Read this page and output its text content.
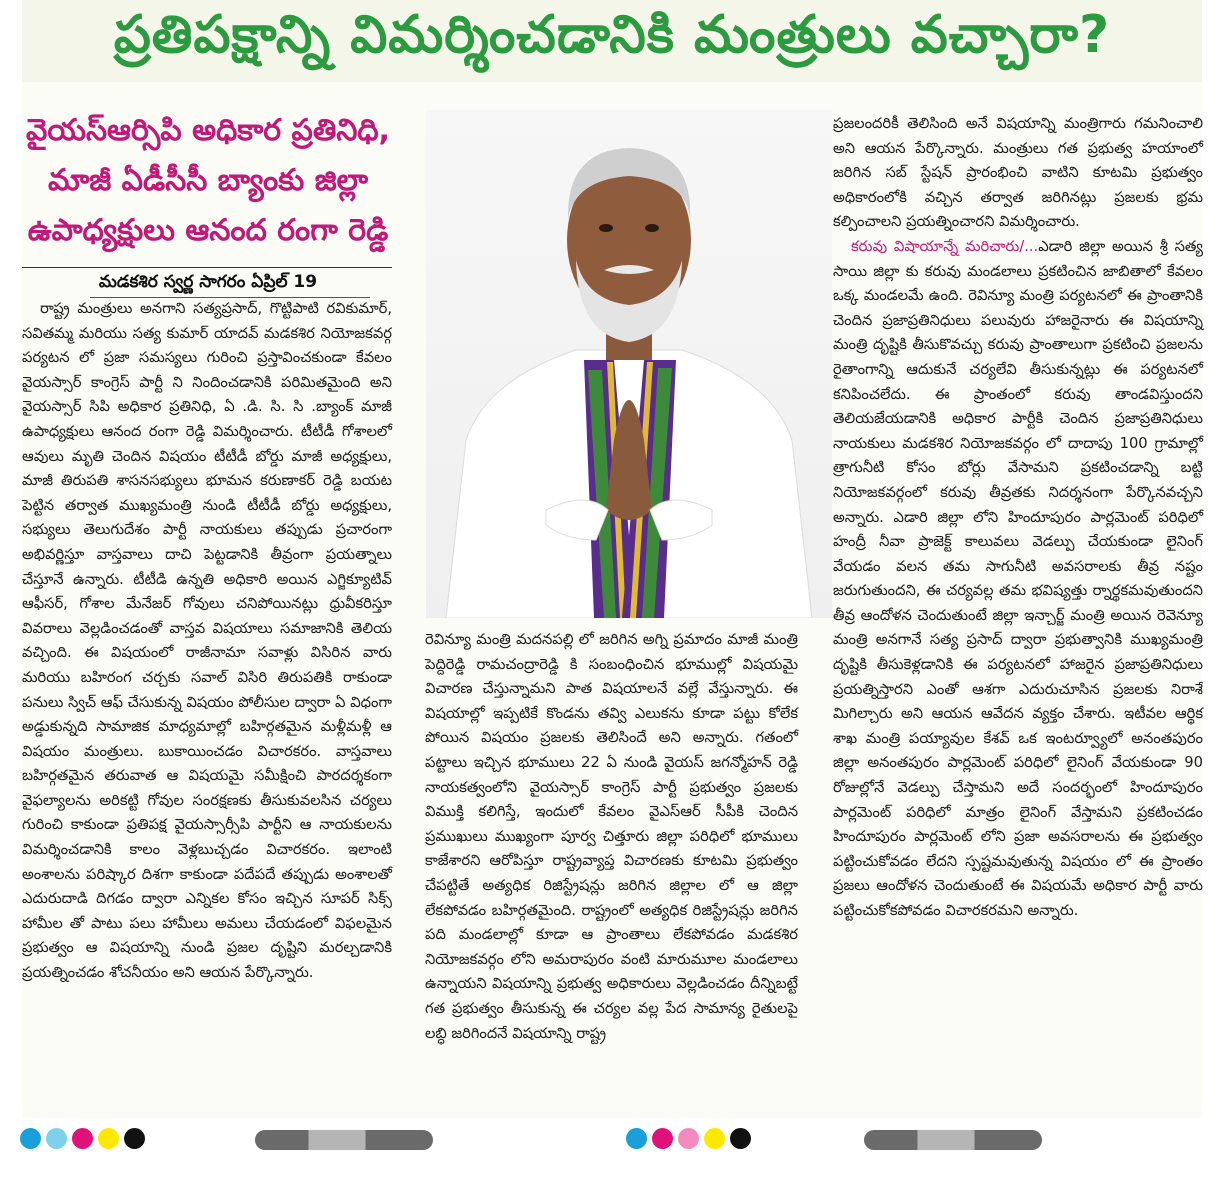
ప్రతిపక్షాన్ని విమర్శించడానికి మంత్రులు వచ్చారా?
వైయస్ఆర్సిపి అధికార ప్రతినిధి,
మాజీ ఏడీసీసీ బ్యాంకు జిల్లా
ఉపాధ్యక్షులు ఆనంద రంగా రెడ్డి
మడకశిర స్వర్ణ సాగరం ఏప్రిల్ 19

రాష్ట్ర మంత్రులు అనగాని సత్యప్రసాద్, గొట్టిపాటి రవికుమార్, సవితమ్మ మరియు సత్య కుమార్ యాదవ్ మడకశిర నియోజకవర్గ పర్యటన లో ప్రజా సమస్యలు గురించి ప్రస్తావించకుండా కేవలం వైయస్సార్ కాంగ్రెస్ పార్టీ ని నిందించడానికి పరిమితమైంది అని వైయస్సార్ సిపి అధికార ప్రతినిధి, ఏ .డి. సి. సి .బ్యాంక్ మాజీ ఉపాధ్యక్షులు ఆనంద రంగా రెడ్డి విమర్శించారు. టీటీడీ గోశాలలో ఆవులు మృతి చెందిన విషయం టీటీడీ బోర్డు మాజీ అధ్యక్షులు, మాజీ తిరుపతి శాసనసభ్యులు భూమన కరుణాకర్ రెడ్డి బయట పెట్టిన తర్వాత ముఖ్యమంత్రి నుండి టీటీడీ బోర్డు అధ్యక్షులు, సభ్యులు తెలుగుదేశం పార్టీ నాయకులు తప్పుడు ప్రచారంగా అభివర్ణిస్తూ వాస్తవాలు దాచి పెట్టడానికి తీవ్రంగా ప్రయత్నాలు చేస్తూనే ఉన్నారు. టీటీడి ఉన్నతి అధికారి అయిన ఎగ్జిక్యూటివ్ ఆఫీసర్, గోశాల మేనేజర్ గోవులు చనిపోయినట్లు ధ్రువీకరిస్తూ వివరాలు వెల్లడించడంతో వాస్తవ విషయాలు సమాజానికి తెలియ వచ్చింది. ఈ విషయంలో రాజీనామా సవాళ్లు విసిరిన వారు మరియు బహిరంగ చర్చకు సవాల్ విసిరి తిరుపతికి రాకుండా పనులు స్విచ్ ఆఫ్ చేసుకున్న విషయం పోలీసుల ద్వారా ఏ విధంగా అడ్డుకున్నది సామాజిక మాధ్యమాల్లో బహిర్గతమైన మళ్లీమళ్లీ ఆ విషయం మంత్రులు. బుకాయించడం విచారకరం. వాస్తవాలు బహిర్గతమైన తరువాత ఆ విషయమై సమీక్షించి పారదర్శకంగా వైఫల్యాలను అరికట్టి గోవుల సంరక్షణకు తీసుకువలసిన చర్యలు గురించి కాకుండా ప్రతిపక్ష వైయస్సార్సీపి పార్టీని ఆ నాయకులను విమర్శించడానికి కాలం వెళ్లబుచ్చడం విచారకరం. ఇలాంటి అంశాలను పరిష్కార దిశగా కాకుండా పదేపదే తప్పుడు అంశాలతో ఎదురుదాడి దిగడం ద్వారా ఎన్నికల కోసం ఇచ్చిన సూపర్ సిక్స్ హామీల తో పాటు పలు హామీలు అమలు చేయడంలో విఫలమైన ప్రభుత్వం ఆ విషయాన్ని నుండి ప్రజల దృష్టిని మరల్చడానికి ప్రయత్నించడం శోచనీయం అని ఆయన పేర్కొన్నారు.

రెవిన్యూ మంత్రి మదనపల్లి లో జరిగిన అగ్ని ప్రమాదం మాజీ మంత్రి పెద్దిరెడ్డి రామచంద్రారెడ్డి కి సంబంధించిన భూముల్లో విషయమై విచారణ చేస్తున్నామని పాత విషయాలనే వల్లే వేస్తున్నారు. ఈ విషయాల్లో ఇప్పటికే కొండను తవ్వి ఎలుకను కూడా పట్టు కోలేక పోయిన విషయం ప్రజలకు తెలిసిందే అని అన్నారు. గతంలో పట్టాలు ఇచ్చిన భూములు 22 ఏ నుండి వైయస్ జగన్మోహన్ రెడ్డి నాయకత్వంలోని వైయస్సార్ కాంగ్రెస్ పార్టీ ప్రభుత్వం ప్రజలకు విముక్తి కలిగిస్తే, ఇందులో కేవలం వైఎస్ఆర్ సీపీకి చెందిన ప్రముఖులు ముఖ్యంగా పూర్వ చిత్తూరు జిల్లా పరిధిలో భూములు కాజేశారని ఆరోపిస్తూ రాష్ట్రవ్యాప్త విచారణకు కూటమి ప్రభుత్వం చేపట్టితే అత్యధిక రిజిస్ట్రేషన్లు జరిగిన జిల్లాల లో ఆ జిల్లా లేకపోవడం బహిర్గతమైంది. రాష్ట్రంలో అత్యధిక రిజిస్ట్రేషన్లు జరిగిన పది మండలాల్లో కూడా ఆ ప్రాంతాలు లేకపోవడం మడకశిర నియోజకవర్గం లోని అమరాపురం వంటి మారుమూల మండలాలు ఉన్నాయని విషయాన్ని ప్రభుత్వ అధికారులు వెల్లడించడం దీన్నిబట్టే గత ప్రభుత్వం తీసుకున్న ఈ చర్యల వల్ల పేద సామాన్య రైతులపై లబ్ధి జరిగిందనే విషయాన్ని రాష్ట్ర

ప్రజలందరికీ తెలిసింది అనే విషయాన్ని మంత్రిగారు గమనించాలి అని ఆయన పేర్కొన్నారు. మంత్రులు గత ప్రభుత్వ హయాంలో జరిగిన సబ్ స్టేషన్ ప్రారంభించి వాటిని కూటమి ప్రభుత్వం అధికారంలోకి వచ్చిన తర్వాత జరిగినట్లు ప్రజలకు భ్రమ కల్పించాలని ప్రయత్నించారని విమర్శించారు.

కరువు విషాయాన్నే మరిచారు/...ఎడారి జిల్లా అయిన శ్రీ సత్య సాయి జిల్లా కు కరువు మండలాలు ప్రకటించిన జాబితాలో కేవలం ఒక్క మండలమే ఉంది. రెవిన్యూ మంత్రి పర్యటనలో ఈ ప్రాంతానికి చెందిన ప్రజాప్రతినిధులు పలువురు హాజరైనారు ఈ విషయాన్ని మంత్రి దృష్టికి తీసుకొవచ్చు కరువు ప్రాంతాలుగా ప్రకటించి ప్రజలను రైతాంగాన్ని ఆదుకునే చర్యలేవి తీసుకున్నట్లు ఈ పర్యటనలో కనిపించలేదు. ఈ ప్రాంతంలో కరువు తాండవిస్తుందని తెలియజేయడానికి అధికార పార్టీకి చెందిన ప్రజాప్రతినిధులు నాయకులు మడకశిర నియోజకవర్గం లో దాదాపు 100 గ్రామాల్లో త్రాగునీటి కోసం బోర్లు వేసామని ప్రకటించడాన్ని బట్టి నియోజకవర్గంలో కరువు తీవ్రతకు నిదర్శనంగా పేర్కొనవచ్చని అన్నారు. ఎడారి జిల్లా లోని హిందూపురం పార్లమెంట్ పరిధిలో హంద్రీ నీవా ప్రాజెక్ట్ కాలువలు వెడల్పు చేయకుండా లైనింగ్ వేయడం వలన తమ సాగునీటి అవసరాలకు తీవ్ర నష్టం జరుగుతుందని, ఈ చర్యవల్ల తమ భవిష్యత్తు ర్నార్థకమవుతుందని తీవ్ర ఆందోళన చెందుతుంటే జిల్లా ఇన్చార్జ్ మంత్రి అయిన రెవెన్యూ మంత్రి అనగానే సత్య ప్రసాద్ ద్వారా ప్రభుత్వానికి ముఖ్యమంత్రి దృష్టికి తీసుకెళ్లడానికి ఈ పర్యటనలో హాజరైన ప్రజాప్రతినిధులు ప్రయత్నిస్తారని ఎంతో ఆశగా ఎదురుచూసిన ప్రజలకు నిరాశే మిగిల్చారు అని ఆయన ఆవేదన వ్యక్తం చేశారు. ఇటీవల ఆర్థిక శాఖ మంత్రి పయ్యావుల కేశవ్ ఒక ఇంటర్వ్యూలో అనంతపురం జిల్లా అనంతపురం పార్లమెంట్ పరిధిలో లైనింగ్ వేయకుండా 90 రోజుల్లోనే వెడల్పు చేస్తామని అదే సందర్భంలో హిందూపురం పార్లమెంట్ పరిధిలో మాత్రం లైనింగ్ వేస్తామని ప్రకటించడం హిందూపురం పార్లమెంట్ లోని ప్రజా అవసరాలను ఈ ప్రభుత్వం పట్టించుకోవడం లేదని స్పష్టమవుతున్న విషయం లో ఈ ప్రాంతం ప్రజలు ఆందోళన చెందుతుంటే ఈ విషయమే అధికార పార్టీ వారు పట్టించుకోకపోవడం విచారకరమని అన్నారు.
